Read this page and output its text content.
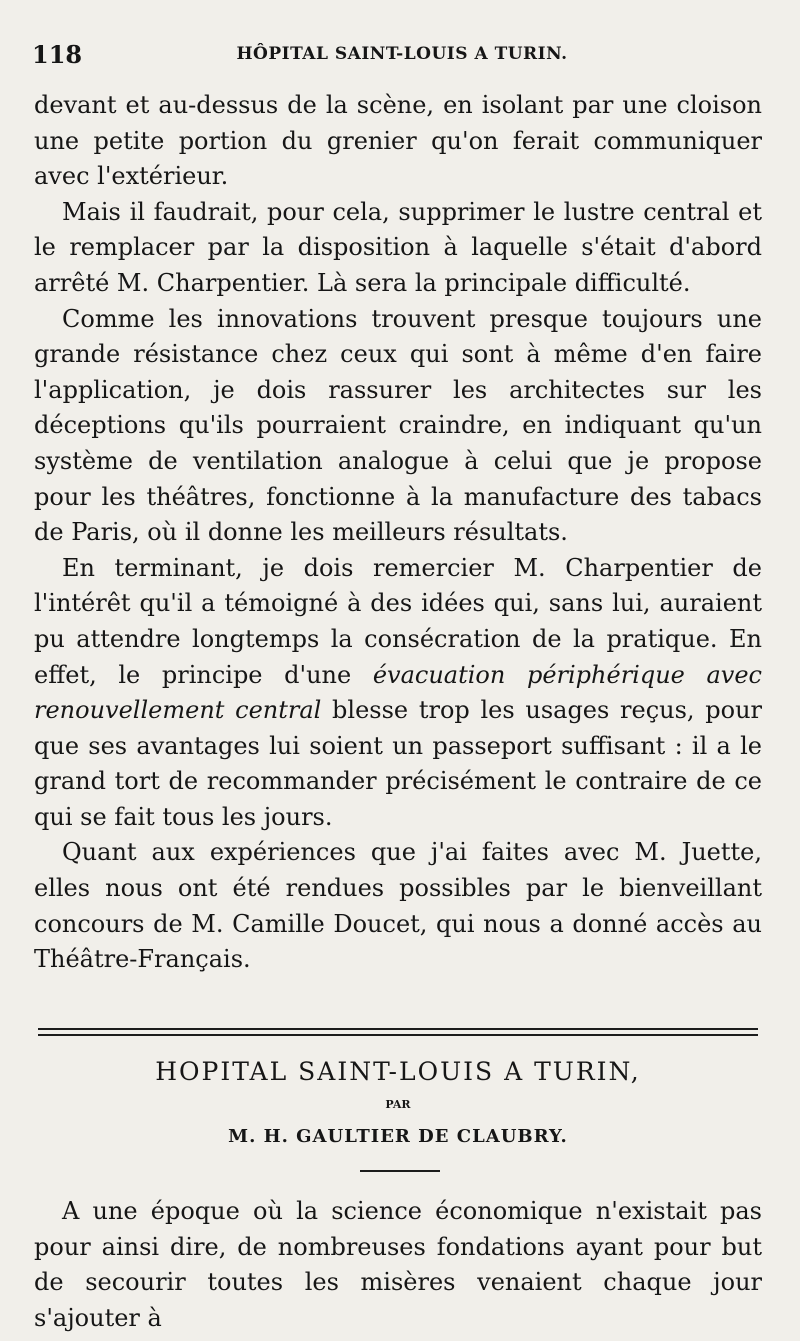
118	HÔPITAL SAINT-LOUIS A TURIN.

devant et au-dessus de la scène, en isolant par une cloison une petite portion du grenier qu'on ferait communiquer avec l'extérieur.

Mais il faudrait, pour cela, supprimer le lustre central et le remplacer par la disposition à laquelle s'était d'abord arrêté M. Charpentier. Là sera la principale difficulté.

Comme les innovations trouvent presque toujours une grande résistance chez ceux qui sont à même d'en faire l'application, je dois rassurer les architectes sur les déceptions qu'ils pourraient craindre, en indiquant qu'un système de ventilation analogue à celui que je propose pour les théâtres, fonctionne à la manufacture des tabacs de Paris, où il donne les meilleurs résultats.

En terminant, je dois remercier M. Charpentier de l'intérêt qu'il a témoigné à des idées qui, sans lui, auraient pu attendre longtemps la consécration de la pratique. En effet, le principe d'une évacuation périphérique avec renouvellement central blesse trop les usages reçus, pour que ses avantages lui soient un passeport suffisant : il a le grand tort de recommander précisément le contraire de ce qui se fait tous les jours.

Quant aux expériences que j'ai faites avec M. Juette, elles nous ont été rendues possibles par le bienveillant concours de M. Camille Doucet, qui nous a donné accès au Théâtre-Français.

HOPITAL SAINT-LOUIS A TURIN,
PAR
M. H. GAULTIER DE CLAUBRY.

A une époque où la science économique n'existait pas pour ainsi dire, de nombreuses fondations ayant pour but de secourir toutes les misères venaient chaque jour s'ajouter à
